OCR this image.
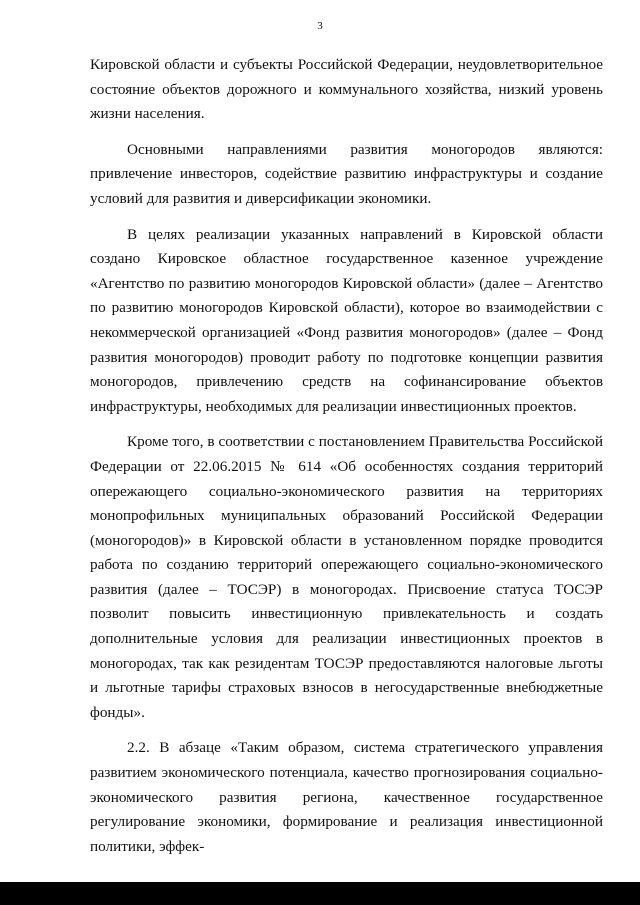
3

Кировской области и субъекты Российской Федерации, неудовлетворительное состояние объектов дорожного и коммунального хозяйства, низкий уровень жизни населения.

Основными направлениями развития моногородов являются: привлечение инвесторов, содействие развитию инфраструктуры и создание условий для развития и диверсификации экономики.

В целях реализации указанных направлений в Кировской области создано Кировское областное государственное казенное учреждение «Агентство по развитию моногородов Кировской области» (далее – Агентство по развитию моногородов Кировской области), которое во взаимодействии с некоммерческой организацией «Фонд развития моногородов» (далее – Фонд развития моногородов) проводит работу по подготовке концепции развития моногородов, привлечению средств на софинансирование объектов инфраструктуры, необходимых для реализации инвестиционных проектов.

Кроме того, в соответствии с постановлением Правительства Российской Федерации от 22.06.2015 № 614 «Об особенностях создания территорий опережающего социально-экономического развития на территориях монопрофильных муниципальных образований Российской Федерации (моногородов)» в Кировской области в установленном порядке проводится работа по созданию территорий опережающего социально-экономического развития (далее – ТОСЭР) в моногородах. Присвоение статуса ТОСЭР позволит повысить инвестиционную привлекательность и создать дополнительные условия для реализации инвестиционных проектов в моногородах, так как резидентам ТОСЭР предоставляются налоговые льготы и льготные тарифы страховых взносов в негосударственные внебюджетные фонды».

2.2. В абзаце «Таким образом, система стратегического управления развитием экономического потенциала, качество прогнозирования социально-экономического развития региона, качественное государственное регулирование экономики, формирование и реализация инвестиционной политики, эффек-
